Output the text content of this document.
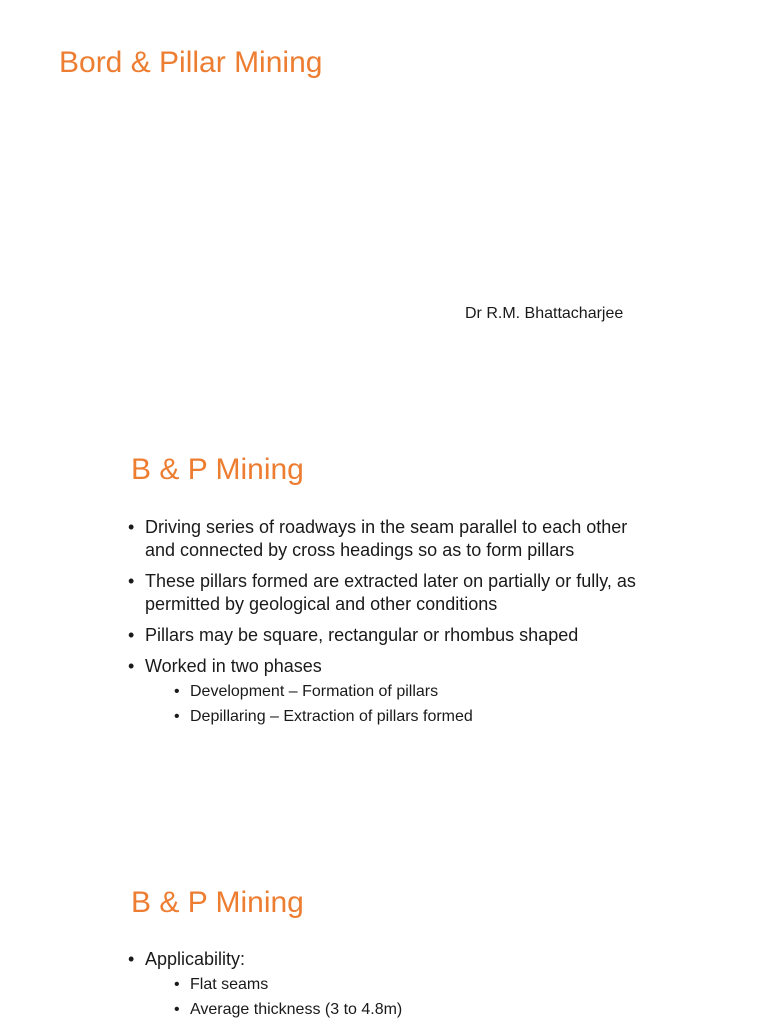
Bord & Pillar Mining
Dr R.M. Bhattacharjee
B & P Mining
• Driving series of roadways in the seam parallel to each other and connected by cross headings so as to form pillars
• These pillars formed are extracted later on partially or fully, as permitted by geological and other conditions
• Pillars may be square, rectangular or rhombus shaped
• Worked in two phases
• Development – Formation of pillars
• Depillaring – Extraction of pillars formed
B & P Mining
• Applicability:
• Flat seams
• Average thickness (3 to 4.8m)
